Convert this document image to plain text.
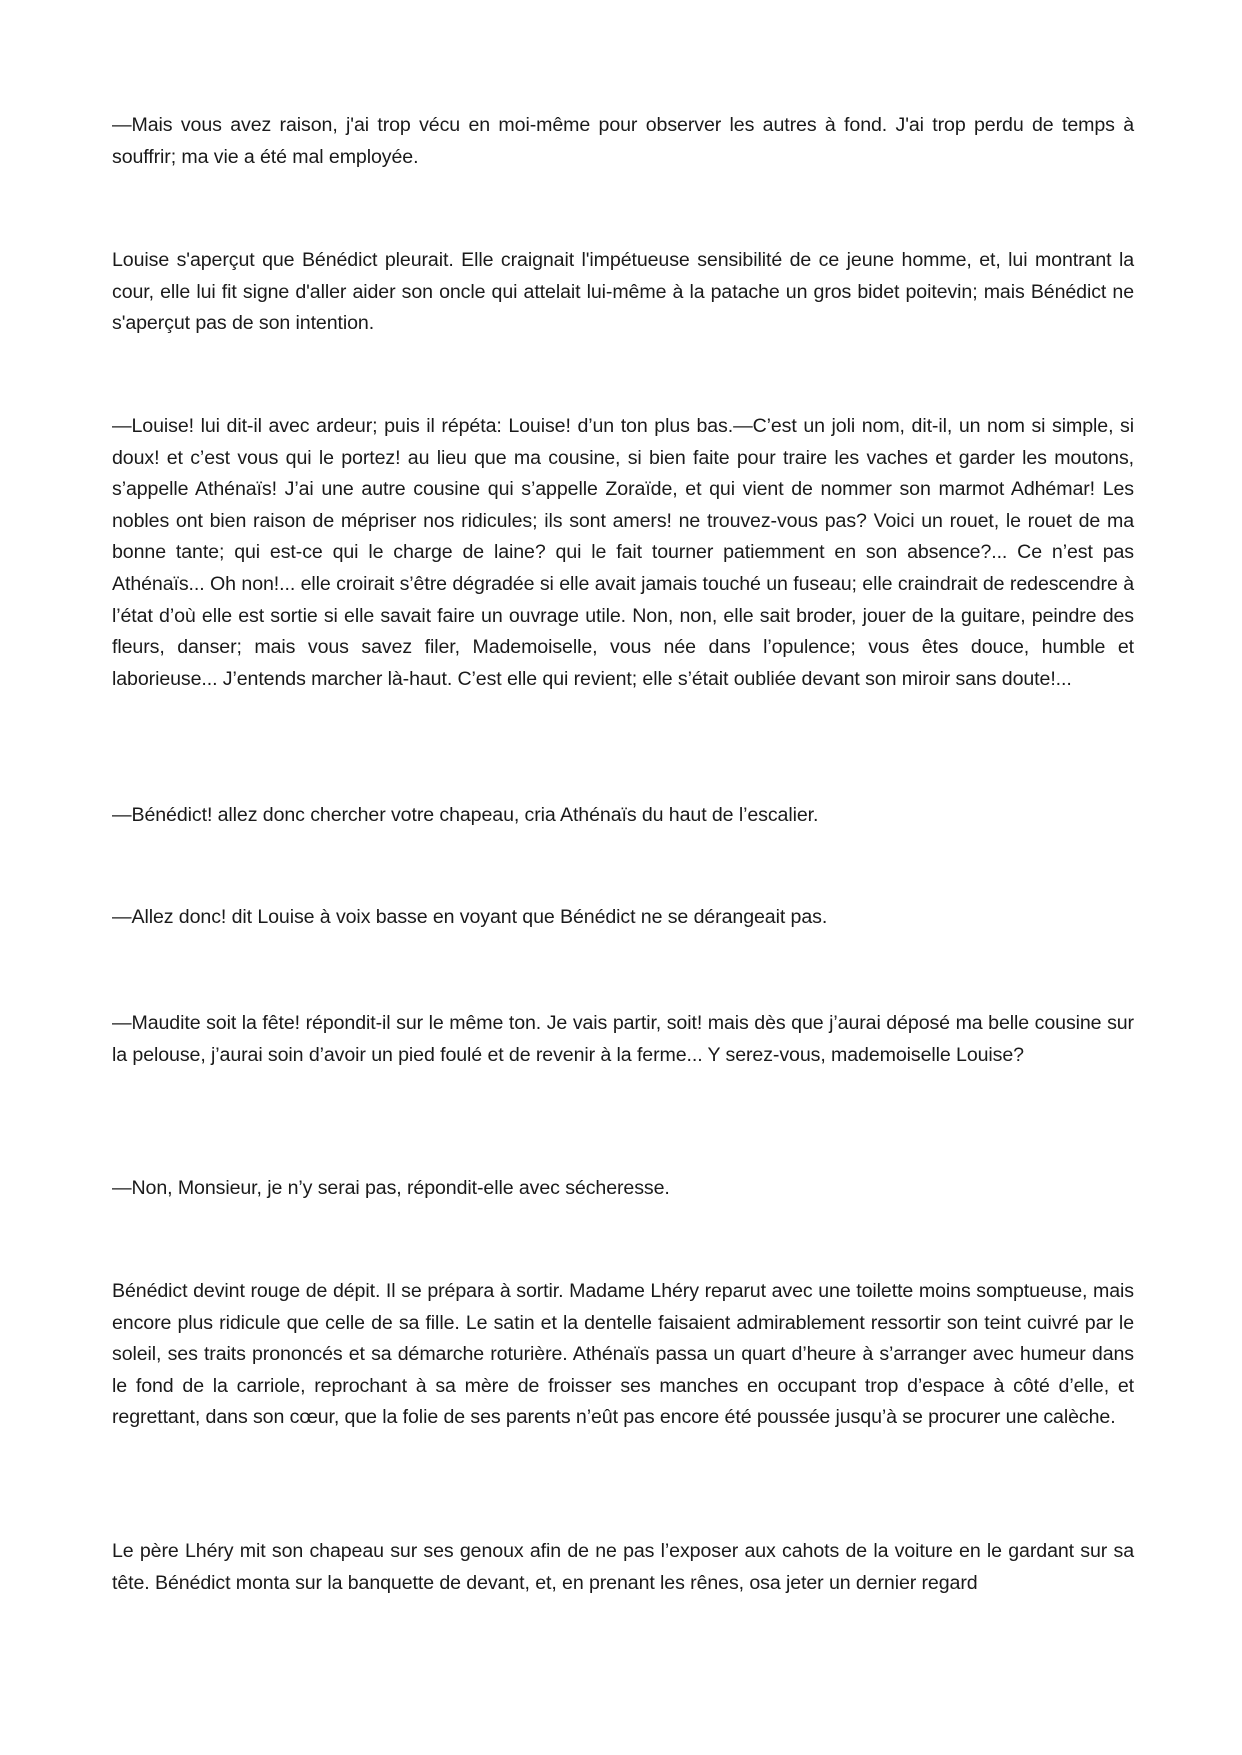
—Mais vous avez raison, j'ai trop vécu en moi-même pour observer les autres à fond. J'ai trop perdu de temps à souffrir; ma vie a été mal employée.

Louise s'aperçut que Bénédict pleurait. Elle craignait l'impétueuse sensibilité de ce jeune homme, et, lui montrant la cour, elle lui fit signe d'aller aider son oncle qui attelait lui-même à la patache un gros bidet poitevin; mais Bénédict ne s'aperçut pas de son intention.

—Louise! lui dit-il avec ardeur; puis il répéta: Louise! d’un ton plus bas.—C’est un joli nom, dit-il, un nom si simple, si doux! et c’est vous qui le portez! au lieu que ma cousine, si bien faite pour traire les vaches et garder les moutons, s’appelle Athénaïs! J’ai une autre cousine qui s’appelle Zoraïde, et qui vient de nommer son marmot Adhémar! Les nobles ont bien raison de mépriser nos ridicules; ils sont amers! ne trouvez-vous pas? Voici un rouet, le rouet de ma bonne tante; qui est-ce qui le charge de laine? qui le fait tourner patiemment en son absence?... Ce n’est pas Athénaïs... Oh non!... elle croirait s’être dégradée si elle avait jamais touché un fuseau; elle craindrait de redescendre à l’état d’où elle est sortie si elle savait faire un ouvrage utile. Non, non, elle sait broder, jouer de la guitare, peindre des fleurs, danser; mais vous savez filer, Mademoiselle, vous née dans l’opulence; vous êtes douce, humble et laborieuse... J’entends marcher là-haut. C’est elle qui revient; elle s’était oubliée devant son miroir sans doute!...

—Bénédict! allez donc chercher votre chapeau, cria Athénaïs du haut de l’escalier.

—Allez donc! dit Louise à voix basse en voyant que Bénédict ne se dérangeait pas.

—Maudite soit la fête! répondit-il sur le même ton. Je vais partir, soit! mais dès que j’aurai déposé ma belle cousine sur la pelouse, j’aurai soin d’avoir un pied foulé et de revenir à la ferme... Y serez-vous, mademoiselle Louise?

—Non, Monsieur, je n’y serai pas, répondit-elle avec sécheresse.

Bénédict devint rouge de dépit. Il se prépara à sortir. Madame Lhéry reparut avec une toilette moins somptueuse, mais encore plus ridicule que celle de sa fille. Le satin et la dentelle faisaient admirablement ressortir son teint cuivré par le soleil, ses traits prononcés et sa démarche roturière. Athénaïs passa un quart d’heure à s’arranger avec humeur dans le fond de la carriole, reprochant à sa mère de froisser ses manches en occupant trop d’espace à côté d’elle, et regrettant, dans son cœur, que la folie de ses parents n’eût pas encore été poussée jusqu’à se procurer une calèche.

Le père Lhéry mit son chapeau sur ses genoux afin de ne pas l’exposer aux cahots de la voiture en le gardant sur sa tête. Bénédict monta sur la banquette de devant, et, en prenant les rênes, osa jeter un dernier regard
